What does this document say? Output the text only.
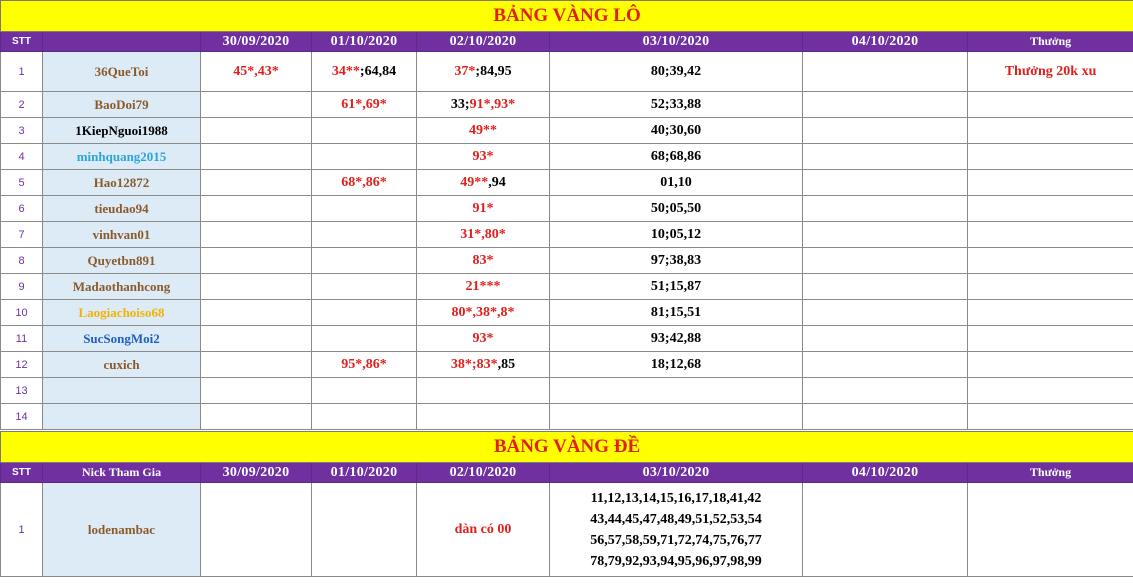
BẢNG VÀNG LÔ							
STT		30/09/2020	01/10/2020	02/10/2020	03/10/2020	04/10/2020	Thưởng
1	36QueToi	45*,43*	34**;64,84	37*;84,95	80;39,42		Thưởng 20k xu
2	BaoDoi79		61*,69*	33;91*,93*	52;33,88		
3	1KiepNguoi1988			49**	40;30,60		
4	minhquang2015			93*	68;68,86		
5	Hao12872		68*,86*	49**,94	01,10		
6	tieudao94			91*	50;05,50		
7	vinhvan01			31*,80*	10;05,12		
8	Quyetbn891			83*	97;38,83		
9	Madaothanhcong			21***	51;15,87		
10	Laogiachoiso68			80*,38*,8*	81;15,51		
11	SucSongMoi2			93*	93;42,88		
12	cuxich		95*,86*	38*;83*,85	18;12,68		
13							
14							
BẢNG VÀNG ĐỀ							
STT	Nick Tham Gia	30/09/2020	01/10/2020	02/10/2020	03/10/2020	04/10/2020	Thưởng
1	lodenambac			dàn có 00	11,12,13,14,15,16,17,18,41,42
43,44,45,47,48,49,51,52,53,54
56,57,58,59,71,72,74,75,76,77
78,79,92,93,94,95,96,97,98,99		
